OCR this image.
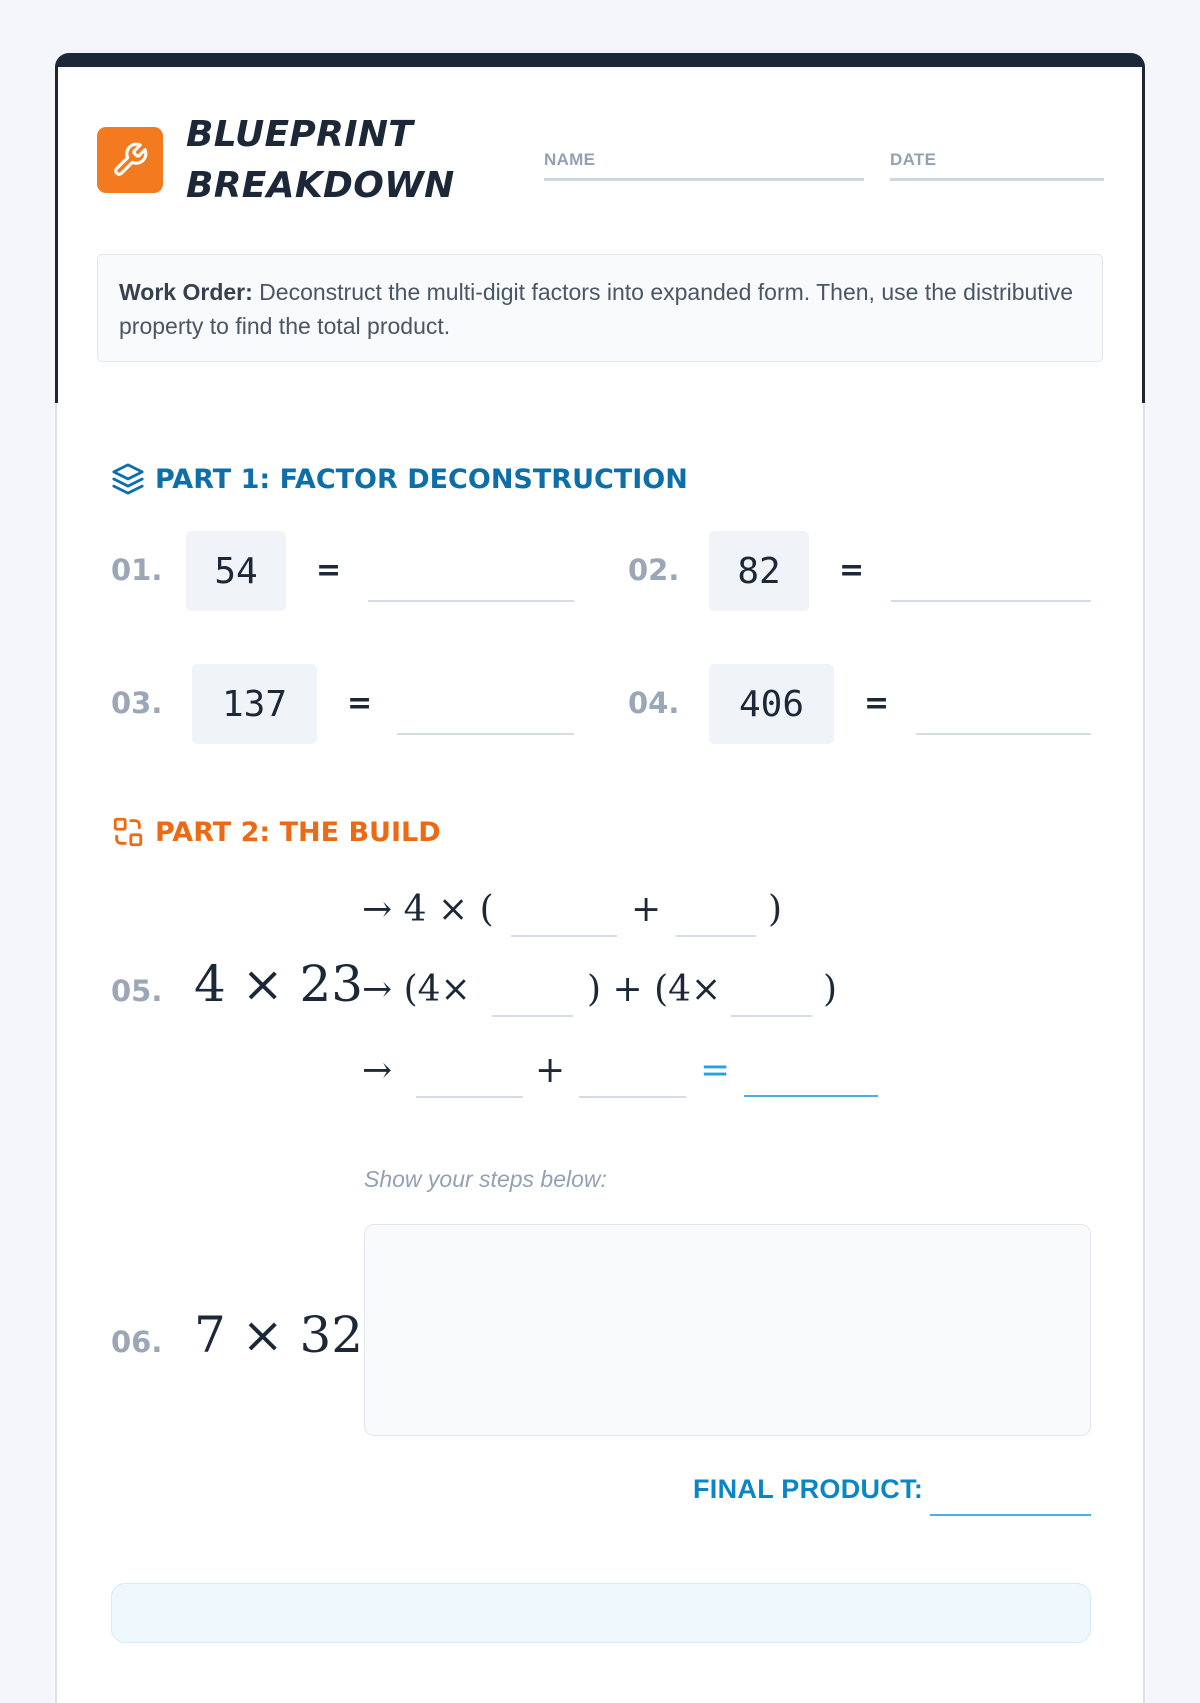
BLUEPRINT
BREAKDOWN
NAME	DATE
Work Order: Deconstruct the multi-digit factors into expanded form. Then, use the distributive property to find the total product.
PART 1: FACTOR DECONSTRUCTION
01.	54	=	02.	82	=
03.	137	=	04.	406	=
PART 2: THE BUILD
05. 4 × 23
→ 4 × (	+	)
→ (4×	) + (4×	)
→	+	=
Show your steps below:
06. 7 × 32
FINAL PRODUCT:
